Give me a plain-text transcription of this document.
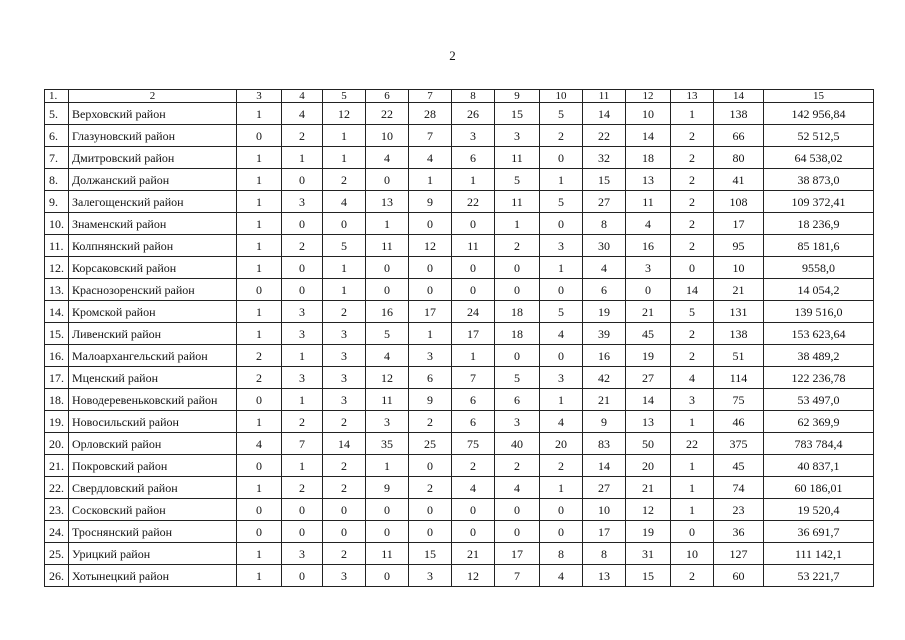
2
1.	2	3	4	5	6	7	8	9	10	11	12	13	14	15
5.	Верховский район	1	4	12	22	28	26	15	5	14	10	1	138	142 956,84
6.	Глазуновский район	0	2	1	10	7	3	3	2	22	14	2	66	52 512,5
7.	Дмитровский район	1	1	1	4	4	6	11	0	32	18	2	80	64 538,02
8.	Должанский район	1	0	2	0	1	1	5	1	15	13	2	41	38 873,0
9.	Залегощенский район	1	3	4	13	9	22	11	5	27	11	2	108	109 372,41
10.	Знаменский район	1	0	0	1	0	0	1	0	8	4	2	17	18 236,9
11.	Колпнянский район	1	2	5	11	12	11	2	3	30	16	2	95	85 181,6
12.	Корсаковский район	1	0	1	0	0	0	0	1	4	3	0	10	9558,0
13.	Краснозоренский район	0	0	1	0	0	0	0	0	6	0	14	21	14 054,2
14.	Кромской район	1	3	2	16	17	24	18	5	19	21	5	131	139 516,0
15.	Ливенский район	1	3	3	5	1	17	18	4	39	45	2	138	153 623,64
16.	Малоархангельский район	2	1	3	4	3	1	0	0	16	19	2	51	38 489,2
17.	Мценский район	2	3	3	12	6	7	5	3	42	27	4	114	122 236,78
18.	Новодеревеньковский район	0	1	3	11	9	6	6	1	21	14	3	75	53 497,0
19.	Новосильский район	1	2	2	3	2	6	3	4	9	13	1	46	62 369,9
20.	Орловский район	4	7	14	35	25	75	40	20	83	50	22	375	783 784,4
21.	Покровский район	0	1	2	1	0	2	2	2	14	20	1	45	40 837,1
22.	Свердловский район	1	2	2	9	2	4	4	1	27	21	1	74	60 186,01
23.	Сосковский район	0	0	0	0	0	0	0	0	10	12	1	23	19 520,4
24.	Троснянский район	0	0	0	0	0	0	0	0	17	19	0	36	36 691,7
25.	Урицкий район	1	3	2	11	15	21	17	8	8	31	10	127	111 142,1
26.	Хотынецкий район	1	0	3	0	3	12	7	4	13	15	2	60	53 221,7
